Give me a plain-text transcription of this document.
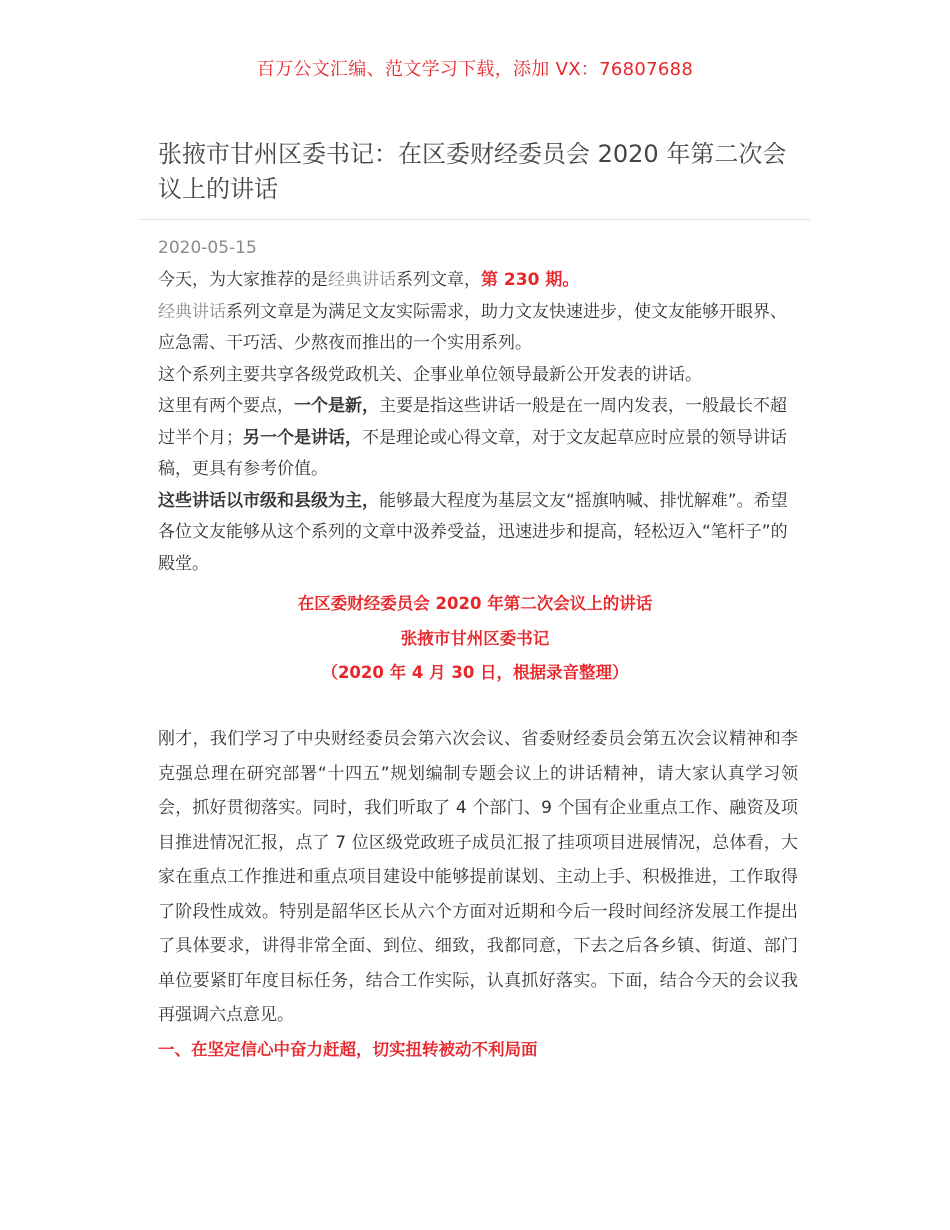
百万公文汇编、范文学习下载，添加 VX：76807688
张掖市甘州区委书记：在区委财经委员会 2020 年第二次会议上的讲话
2020-05-15

今天，为大家推荐的是经典讲话系列文章，第 230 期。

经典讲话系列文章是为满足文友实际需求，助力文友快速进步，使文友能够开眼界、应急需、干巧活、少熬夜而推出的一个实用系列。

这个系列主要共享各级党政机关、企事业单位领导最新公开发表的讲话。

这里有两个要点，一个是新，主要是指这些讲话一般是在一周内发表，一般最长不超过半个月；另一个是讲话，不是理论或心得文章，对于文友起草应时应景的领导讲话稿，更具有参考价值。

这些讲话以市级和县级为主，能够最大程度为基层文友“摇旗呐喊、排忧解难”。希望各位文友能够从这个系列的文章中汲养受益，迅速进步和提高，轻松迈入“笔杆子”的殿堂。

在区委财经委员会 2020 年第二次会议上的讲话
张掖市甘州区委书记
（2020 年 4 月 30 日，根据录音整理）

刚才，我们学习了中央财经委员会第六次会议、省委财经委员会第五次会议精神和李克强总理在研究部署“十四五”规划编制专题会议上的讲话精神，请大家认真学习领会，抓好贯彻落实。同时，我们听取了 4 个部门、9 个国有企业重点工作、融资及项目推进情况汇报，点了 7 位区级党政班子成员汇报了挂项项目进展情况，总体看，大家在重点工作推进和重点项目建设中能够提前谋划、主动上手、积极推进，工作取得了阶段性成效。特别是韶华区长从六个方面对近期和今后一段时间经济发展工作提出了具体要求，讲得非常全面、到位、细致，我都同意，下去之后各乡镇、街道、部门单位要紧盯年度目标任务，结合工作实际，认真抓好落实。下面，结合今天的会议我再强调六点意见。

一、在坚定信心中奋力赶超，切实扭转被动不利局面
